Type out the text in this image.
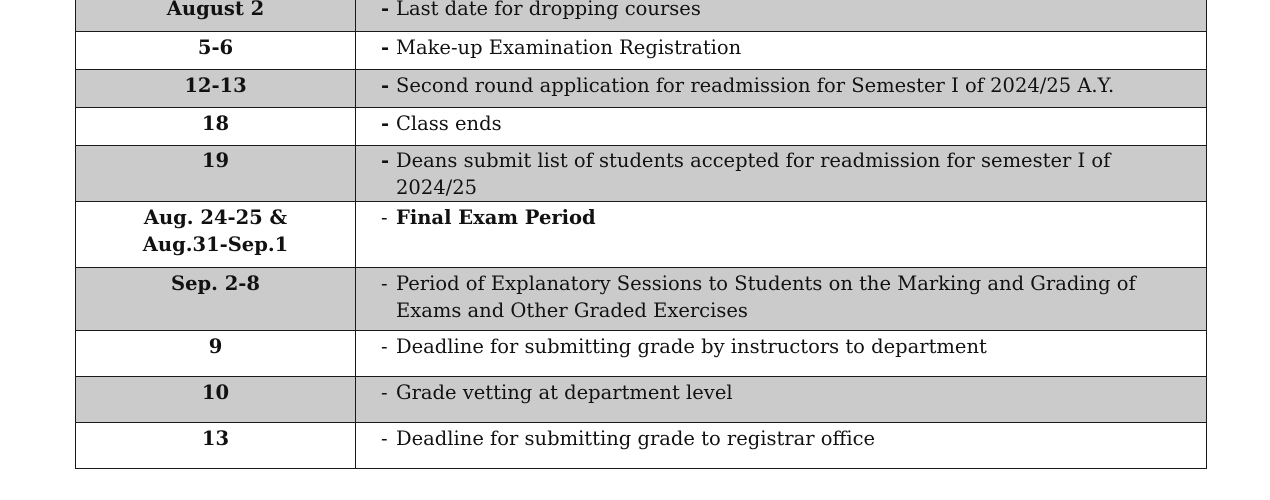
August 2	- Last date for dropping courses

5-6	- Make-up Examination Registration

12-13	- Second round application for readmission for Semester I of 2024/25 A.Y.

18	- Class ends

19	- Deans submit list of students accepted for readmission for semester I of 2024/25

Aug. 24-25 & Aug.31-Sep.1	- Final Exam Period

Sep. 2-8	- Period of Explanatory Sessions to Students on the Marking and Grading of Exams and Other Graded Exercises

9	- Deadline for submitting grade by instructors to department

10	- Grade vetting at department level

13	- Deadline for submitting grade to registrar office
